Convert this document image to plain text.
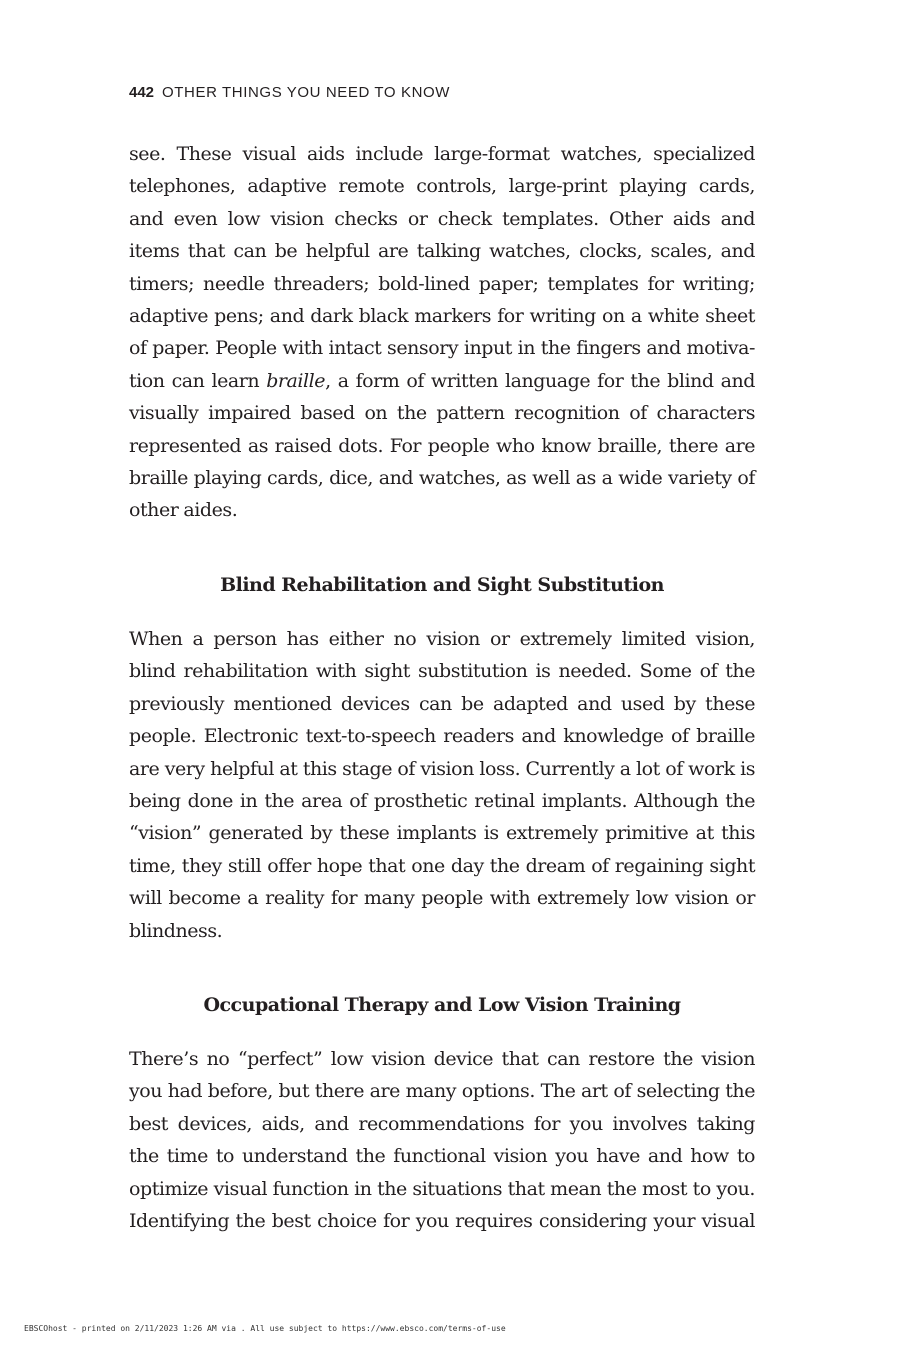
442 OTHER THINGS YOU NEED TO KNOW
see. These visual aids include large-format watches, specialized
telephones, adaptive remote controls, large-print playing cards,
and even low vision checks or check templates. Other aids and
items that can be helpful are talking watches, clocks, scales, and
timers; needle threaders; bold-lined paper; templates for writing;
adaptive pens; and dark black markers for writing on a white sheet
of paper. People with intact sensory input in the fingers and motiva-
tion can learn braille, a form of written language for the blind and
visually impaired based on the pattern recognition of characters
represented as raised dots. For people who know braille, there are
braille playing cards, dice, and watches, as well as a wide variety of
other aides.
Blind Rehabilitation and Sight Substitution
When a person has either no vision or extremely limited vision,
blind rehabilitation with sight substitution is needed. Some of the
previously mentioned devices can be adapted and used by these
people. Electronic text-to-speech readers and knowledge of braille
are very helpful at this stage of vision loss. Currently a lot of work is
being done in the area of prosthetic retinal implants. Although the
“vision” generated by these implants is extremely primitive at this
time, they still offer hope that one day the dream of regaining sight
will become a reality for many people with extremely low vision or
blindness.
Occupational Therapy and Low Vision Training
There’s no “perfect” low vision device that can restore the vision
you had before, but there are many options. The art of selecting the
best devices, aids, and recommendations for you involves taking
the time to understand the functional vision you have and how to
optimize visual function in the situations that mean the most to you.
Identifying the best choice for you requires considering your visual
EBSCOhost - printed on 2/11/2023 1:26 AM via . All use subject to https://www.ebsco.com/terms-of-use
